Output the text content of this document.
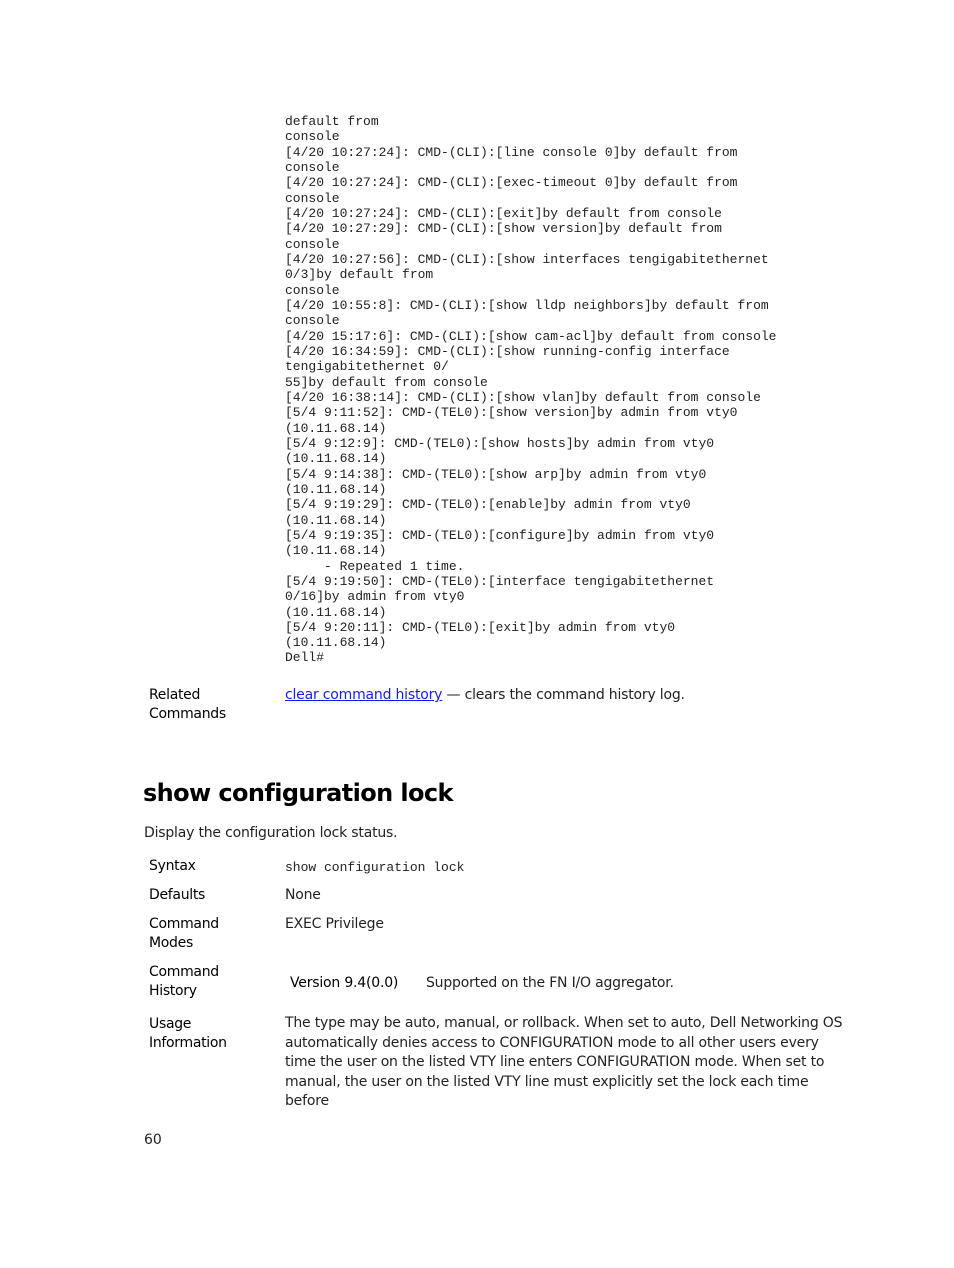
default from
console
[4/20 10:27:24]: CMD-(CLI):[line console 0]by default from
console
[4/20 10:27:24]: CMD-(CLI):[exec-timeout 0]by default from
console
[4/20 10:27:24]: CMD-(CLI):[exit]by default from console
[4/20 10:27:29]: CMD-(CLI):[show version]by default from
console
[4/20 10:27:56]: CMD-(CLI):[show interfaces tengigabitethernet
0/3]by default from
console
[4/20 10:55:8]: CMD-(CLI):[show lldp neighbors]by default from
console
[4/20 15:17:6]: CMD-(CLI):[show cam-acl]by default from console
[4/20 16:34:59]: CMD-(CLI):[show running-config interface
tengigabitethernet 0/
55]by default from console
[4/20 16:38:14]: CMD-(CLI):[show vlan]by default from console
[5/4 9:11:52]: CMD-(TEL0):[show version]by admin from vty0
(10.11.68.14)
[5/4 9:12:9]: CMD-(TEL0):[show hosts]by admin from vty0
(10.11.68.14)
[5/4 9:14:38]: CMD-(TEL0):[show arp]by admin from vty0
(10.11.68.14)
[5/4 9:19:29]: CMD-(TEL0):[enable]by admin from vty0
(10.11.68.14)
[5/4 9:19:35]: CMD-(TEL0):[configure]by admin from vty0
(10.11.68.14)
- Repeated 1 time.
[5/4 9:19:50]: CMD-(TEL0):[interface tengigabitethernet
0/16]by admin from vty0
(10.11.68.14)
[5/4 9:20:11]: CMD-(TEL0):[exit]by admin from vty0
(10.11.68.14)
Dell#
Related
Commands
clear command history — clears the command history log.
show configuration lock
Display the configuration lock status.
Syntax	show configuration lock
Defaults	None
Command
Modes
EXEC Privilege
Command
History	Version 9.4(0.0) Supported on the FN I/O aggregator.
Usage
Information
The type may be auto, manual, or rollback. When set to auto, Dell Networking OS
automatically denies access to CONFIGURATION mode to all other users every
time the user on the listed VTY line enters CONFIGURATION mode. When set to
manual, the user on the listed VTY line must explicitly set the lock each time before
60
